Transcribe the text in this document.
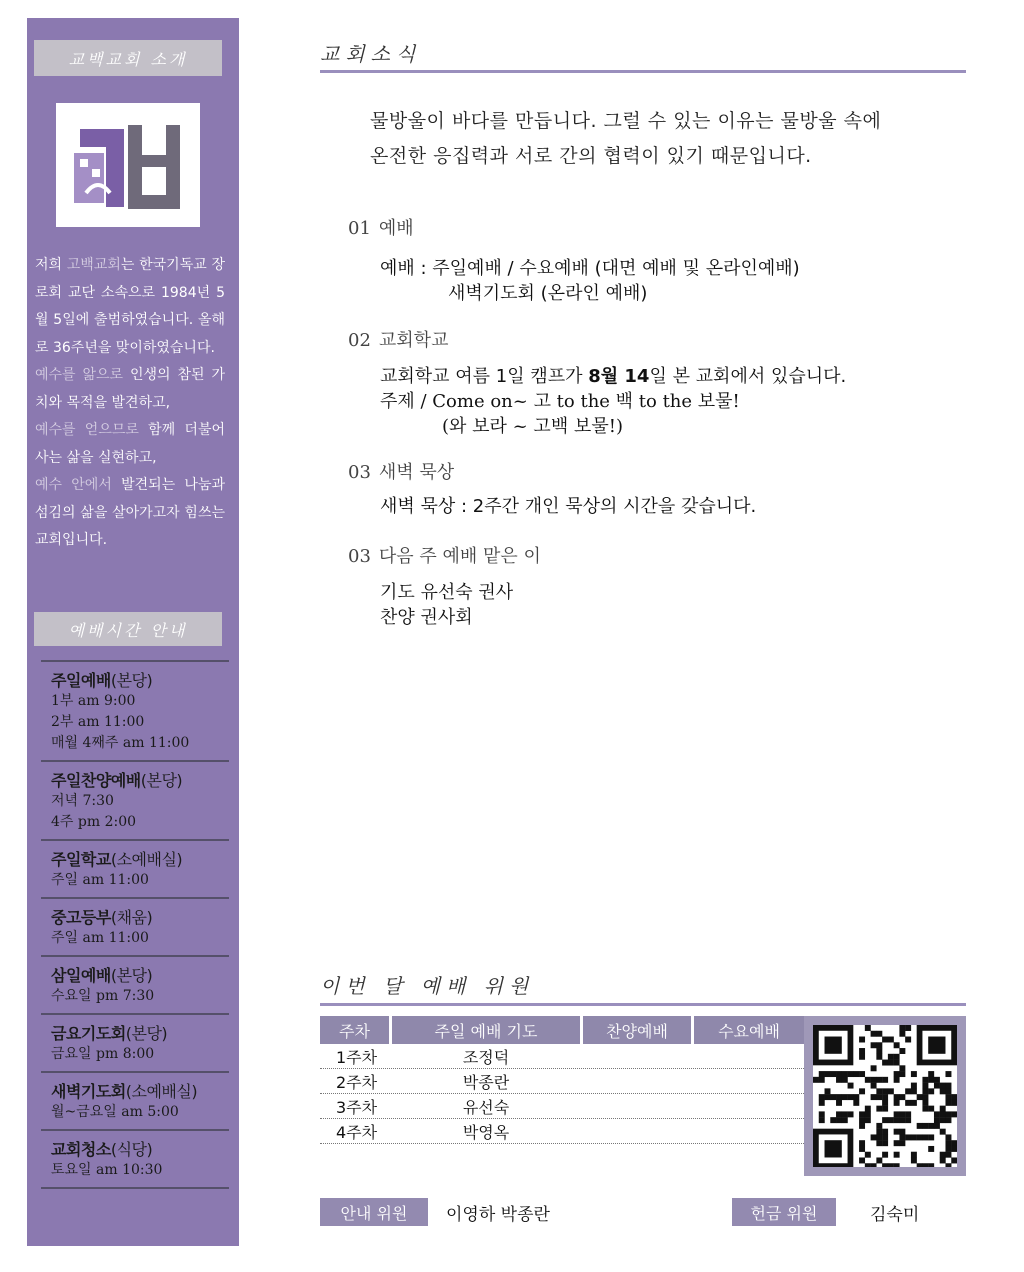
교백교회 소개
저희 고백교회는 한국기독교 장로회 교단 소속으로 1984년 5월 5일에 출범하였습니다. 올해로 36주년을 맞이하였습니다.
예수를 앎으로 인생의 참된 가치와 목적을 발견하고,
예수를 얻으므로 함께 더불어 사는 삶을 실현하고,
예수 안에서 발견되는 나눔과 섬김의 삶을 살아가고자 힘쓰는 교회입니다.
예배시간 안내
주일예배(본당)
1부 am 9:00
2부 am 11:00
매월 4째주 am 11:00
주일찬양예배(본당)
저녁 7:30
4주 pm 2:00
주일학교(소예배실)
주일 am 11:00
중고등부(채움)
주일 am 11:00
삼일예배(본당)
수요일 pm 7:30
금요기도회(본당)
금요일 pm 8:00
새벽기도회(소예배실)
월~금요일 am 5:00
교회청소(식당)
토요일 am 10:30
교회소식
물방울이 바다를 만듭니다. 그럴 수 있는 이유는 물방울 속에
온전한 응집력과 서로 간의 협력이 있기 때문입니다.
01 예배
예배 : 주일예배 / 수요예배 (대면 예배 및 온라인예배)
새벽기도회 (온라인 예배)
02 교회학교
교회학교 여름 1일 캠프가 8월 14일 본 교회에서 있습니다.
주제 / Come on~ 고 to the 백 to the 보물!
(와 보라 ~ 고백 보물!)
03 새벽 묵상
새벽 묵상 : 2주간 개인 묵상의 시간을 갖습니다.
03 다음 주 예배 맡은 이
기도 유선숙 권사
찬양 권사회
이번 달 예배 위원
주차	주일 예배 기도	찬양예배	수요예배
1주차	조정덕
2주차	박종란
3주차	유선숙
4주차	박영옥
안내 위원	이영하 박종란	헌금 위원	김숙미
